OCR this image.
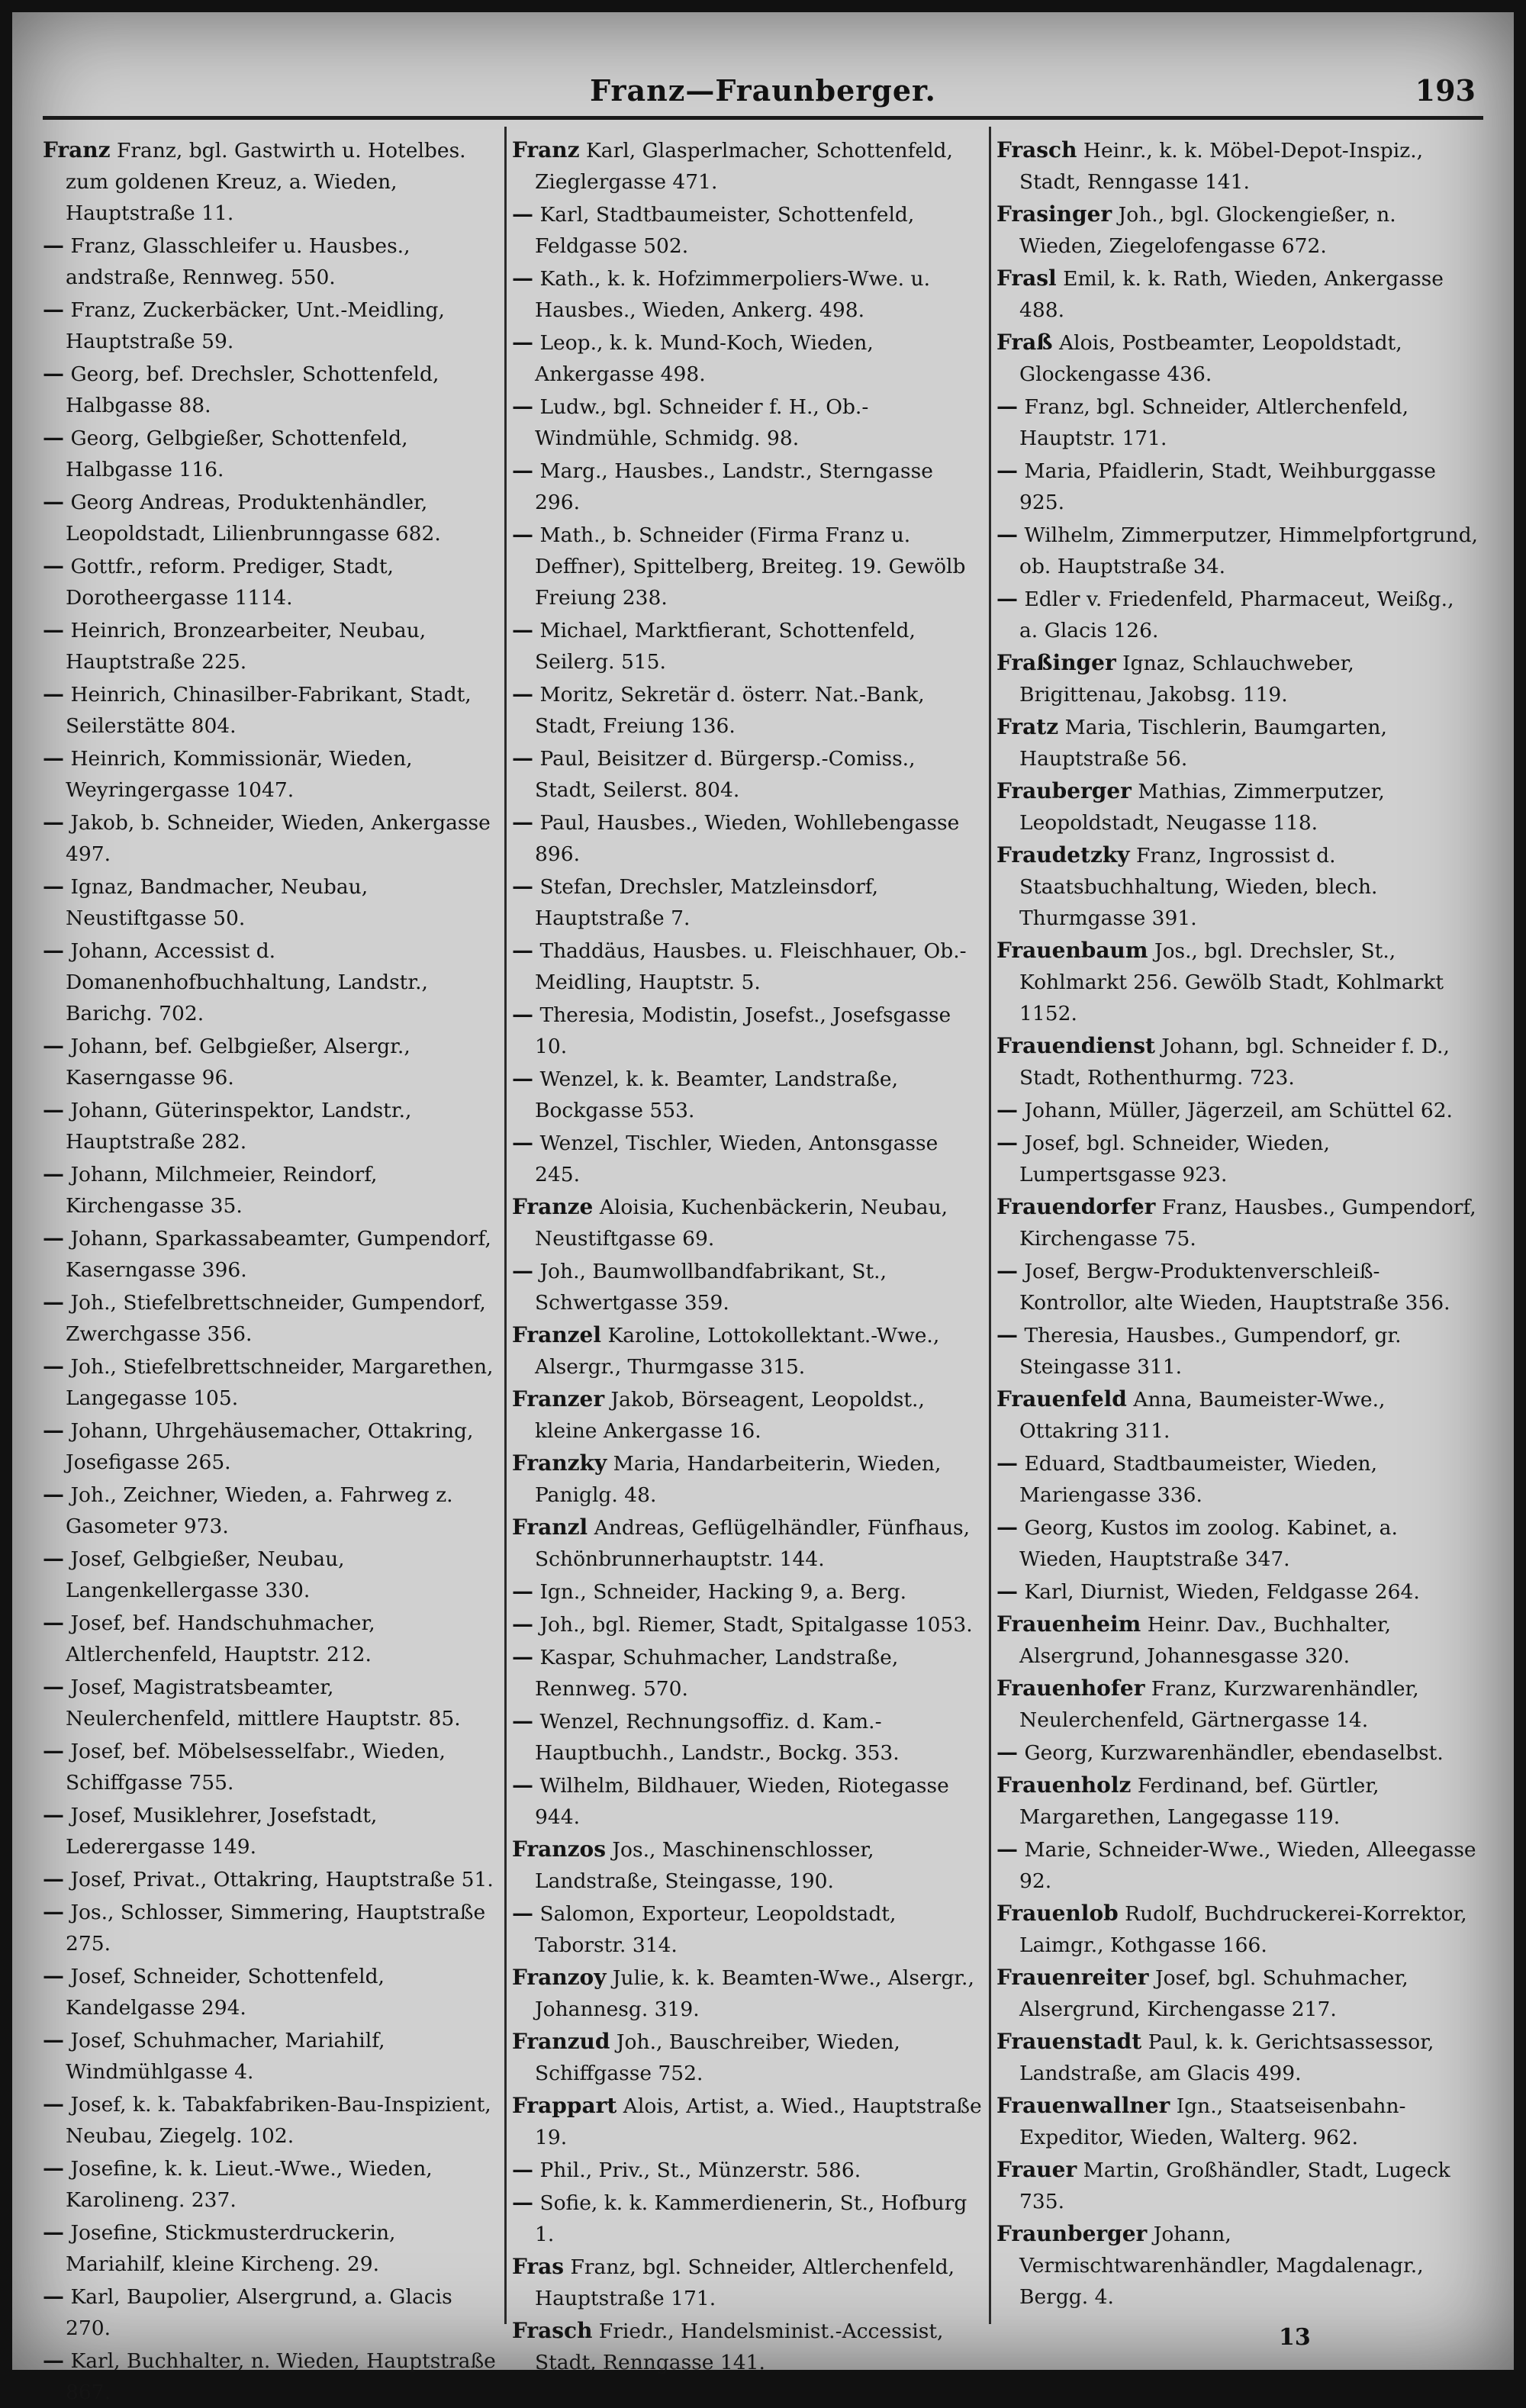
Franz—Fraunberger.	193
Franz Franz, bgl. Gastwirth u. Hotelbes. zum goldenen Kreuz, a. Wieden, Hauptstraße 11.
— Franz, Glasschleifer u. Hausbes., andstraße, Rennweg. 550.
— Franz, Zuckerbäcker, Unt.-Meidling, Hauptstraße 59.
— Georg, bef. Drechsler, Schottenfeld, Halbgasse 88.
— Georg, Gelbgießer, Schottenfeld, Halbgasse 116.
— Georg Andreas, Produktenhändler, Leopoldstadt, Lilienbrunngasse 682.
— Gottfr., reform. Prediger, Stadt, Dorotheergasse 1114.
— Heinrich, Bronzearbeiter, Neubau, Hauptstraße 225.
— Heinrich, Chinasilber-Fabrikant, Stadt, Seilerstätte 804.
— Heinrich, Kommissionär, Wieden, Weyringergasse 1047.
— Jakob, b. Schneider, Wieden, Ankergasse 497.
— Ignaz, Bandmacher, Neubau, Neustiftgasse 50.
— Johann, Accessist d. Domanenhofbuchhaltung, Landstr., Barichg. 702.
— Johann, bef. Gelbgießer, Alsergr., Kaserngasse 96.
— Johann, Güterinspektor, Landstr., Hauptstraße 282.
— Johann, Milchmeier, Reindorf, Kirchengasse 35.
— Johann, Sparkassabeamter, Gumpendorf, Kaserngasse 396.
— Joh., Stiefelbrettschneider, Gumpendorf, Zwerchgasse 356.
— Joh., Stiefelbrettschneider, Margarethen, Langegasse 105.
— Johann, Uhrgehäusemacher, Ottakring, Josefigasse 265.
— Joh., Zeichner, Wieden, a. Fahrweg z. Gasometer 973.
— Josef, Gelbgießer, Neubau, Langenkellergasse 330.
— Josef, bef. Handschuhmacher, Altlerchenfeld, Hauptstr. 212.
— Josef, Magistratsbeamter, Neulerchenfeld, mittlere Hauptstr. 85.
— Josef, bef. Möbelsesselfabr., Wieden, Schiffgasse 755.
— Josef, Musiklehrer, Josefstadt, Lederergasse 149.
— Josef, Privat., Ottakring, Hauptstraße 51.
— Jos., Schlosser, Simmering, Hauptstraße 275.
— Josef, Schneider, Schottenfeld, Kandelgasse 294.
— Josef, Schuhmacher, Mariahilf, Windmühlgasse 4.
— Josef, k. k. Tabakfabriken-Bau-Inspizient, Neubau, Ziegelg. 102.
— Josefine, k. k. Lieut.-Wwe., Wieden, Karolineng. 237.
— Josefine, Stickmusterdruckerin, Mariahilf, kleine Kircheng. 29.
— Karl, Baupolier, Alsergrund, a. Glacis 270.
— Karl, Buchhalter, n. Wieden, Hauptstraße 867.
Franz Karl, Glasperlmacher, Schottenfeld, Zieglergasse 471.
— Karl, Stadtbaumeister, Schottenfeld, Feldgasse 502.
— Kath., k. k. Hofzimmerpoliers-Wwe. u. Hausbes., Wieden, Ankerg. 498.
— Leop., k. k. Mund-Koch, Wieden, Ankergasse 498.
— Ludw., bgl. Schneider f. H., Ob.-Windmühle, Schmidg. 98.
— Marg., Hausbes., Landstr., Sterngasse 296.
— Math., b. Schneider (Firma Franz u. Deffner), Spittelberg, Breiteg. 19. Gewölb Freiung 238.
— Michael, Marktfierant, Schottenfeld, Seilerg. 515.
— Moritz, Sekretär d. österr. Nat.-Bank, Stadt, Freiung 136.
— Paul, Beisitzer d. Bürgersp.-Comiss., Stadt, Seilerst. 804.
— Paul, Hausbes., Wieden, Wohllebengasse 896.
— Stefan, Drechsler, Matzleinsdorf, Hauptstraße 7.
— Thaddäus, Hausbes. u. Fleischhauer, Ob.-Meidling, Hauptstr. 5.
— Theresia, Modistin, Josefst., Josefsgasse 10.
— Wenzel, k. k. Beamter, Landstraße, Bockgasse 553.
— Wenzel, Tischler, Wieden, Antonsgasse 245.
Franze Aloisia, Kuchenbäckerin, Neubau, Neustiftgasse 69.
— Joh., Baumwollbandfabrikant, St., Schwertgasse 359.
Franzel Karoline, Lottokollektant.-Wwe., Alsergr., Thurmgasse 315.
Franzer Jakob, Börseagent, Leopoldst., kleine Ankergasse 16.
Franzky Maria, Handarbeiterin, Wieden, Paniglg. 48.
Franzl Andreas, Geflügelhändler, Fünfhaus, Schönbrunnerhauptstr. 144.
— Ign., Schneider, Hacking 9, a. Berg.
— Joh., bgl. Riemer, Stadt, Spitalgasse 1053.
— Kaspar, Schuhmacher, Landstraße, Rennweg. 570.
— Wenzel, Rechnungsoffiz. d. Kam.-Hauptbuchh., Landstr., Bockg. 353.
— Wilhelm, Bildhauer, Wieden, Riotegasse 944.
Franzos Jos., Maschinenschlosser, Landstraße, Steingasse, 190.
— Salomon, Exporteur, Leopoldstadt, Taborstr. 314.
Franzoy Julie, k. k. Beamten-Wwe., Alsergr., Johannesg. 319.
Franzud Joh., Bauschreiber, Wieden, Schiffgasse 752.
Frappart Alois, Artist, a. Wied., Hauptstraße 19.
— Phil., Priv., St., Münzerstr. 586.
— Sofie, k. k. Kammerdienerin, St., Hofburg 1.
Fras Franz, bgl. Schneider, Altlerchenfeld, Hauptstraße 171.
Frasch Friedr., Handelsminist.-Accessist, Stadt, Renngasse 141.
Frasch Heinr., k. k. Möbel-Depot-Inspiz., Stadt, Renngasse 141.
Frasinger Joh., bgl. Glockengießer, n. Wieden, Ziegelofengasse 672.
Frasl Emil, k. k. Rath, Wieden, Ankergasse 488.
Fraß Alois, Postbeamter, Leopoldstadt, Glockengasse 436.
— Franz, bgl. Schneider, Altlerchenfeld, Hauptstr. 171.
— Maria, Pfaidlerin, Stadt, Weihburggasse 925.
— Wilhelm, Zimmerputzer, Himmelpfortgrund, ob. Hauptstraße 34.
— Edler v. Friedenfeld, Pharmaceut, Weißg., a. Glacis 126.
Fraßinger Ignaz, Schlauchweber, Brigittenau, Jakobsg. 119.
Fratz Maria, Tischlerin, Baumgarten, Hauptstraße 56.
Frauberger Mathias, Zimmerputzer, Leopoldstadt, Neugasse 118.
Fraudetzky Franz, Ingrossist d. Staatsbuchhaltung, Wieden, blech. Thurmgasse 391.
Frauenbaum Jos., bgl. Drechsler, St., Kohlmarkt 256. Gewölb Stadt, Kohlmarkt 1152.
Frauendienst Johann, bgl. Schneider f. D., Stadt, Rothenthurmg. 723.
— Johann, Müller, Jägerzeil, am Schüttel 62.
— Josef, bgl. Schneider, Wieden, Lumpertsgasse 923.
Frauendorfer Franz, Hausbes., Gumpendorf, Kirchengasse 75.
— Josef, Bergw-Produktenverschleiß-Kontrollor, alte Wieden, Hauptstraße 356.
— Theresia, Hausbes., Gumpendorf, gr. Steingasse 311.
Frauenfeld Anna, Baumeister-Wwe., Ottakring 311.
— Eduard, Stadtbaumeister, Wieden, Mariengasse 336.
— Georg, Kustos im zoolog. Kabinet, a. Wieden, Hauptstraße 347.
— Karl, Diurnist, Wieden, Feldgasse 264.
Frauenheim Heinr. Dav., Buchhalter, Alsergrund, Johannesgasse 320.
Frauenhofer Franz, Kurzwarenhändler, Neulerchenfeld, Gärtnergasse 14.
— Georg, Kurzwarenhändler, ebendaselbst.
Frauenholz Ferdinand, bef. Gürtler, Margarethen, Langegasse 119.
— Marie, Schneider-Wwe., Wieden, Alleegasse 92.
Frauenlob Rudolf, Buchdruckerei-Korrektor, Laimgr., Kothgasse 166.
Frauenreiter Josef, bgl. Schuhmacher, Alsergrund, Kirchengasse 217.
Frauenstadt Paul, k. k. Gerichtsassessor, Landstraße, am Glacis 499.
Frauenwallner Ign., Staatseisenbahn-Expeditor, Wieden, Walterg. 962.
Frauer Martin, Großhändler, Stadt, Lugeck 735.
Fraunberger Johann, Vermischtwarenhändler, Magdalenagr., Bergg. 4.
13
